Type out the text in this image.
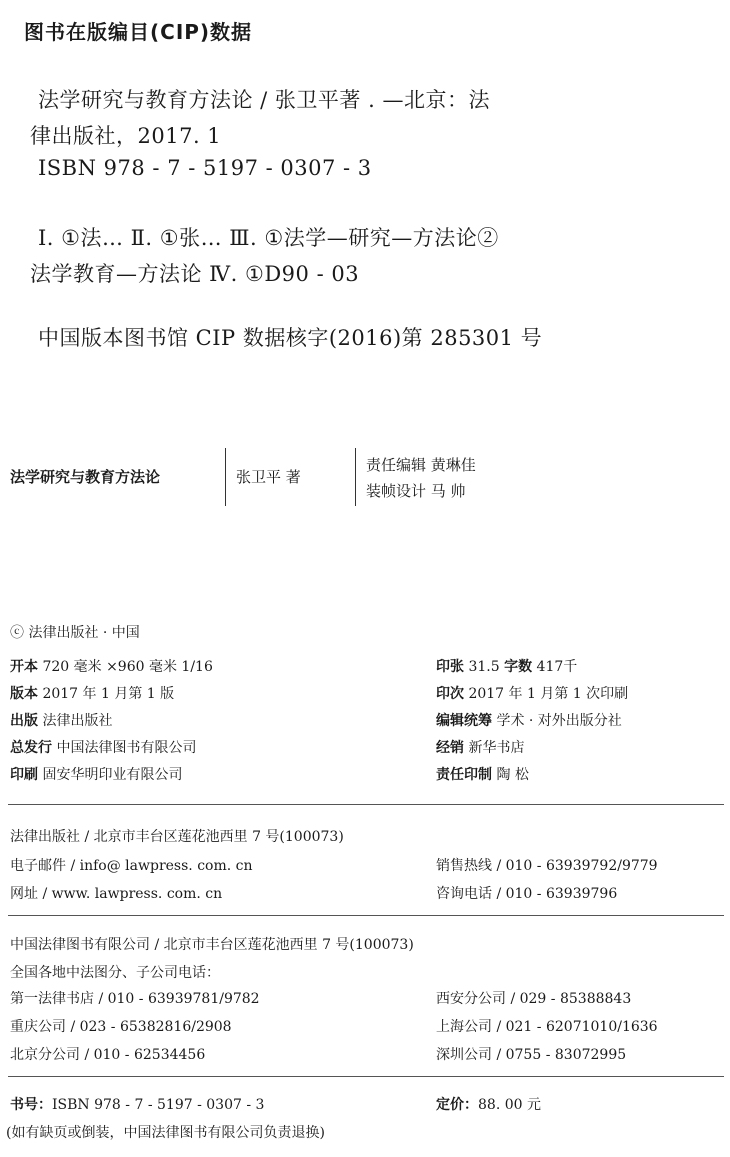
图书在版编目(CIP)数据
法学研究与教育方法论 / 张卫平著 . —北京：法
律出版社，2017. 1
ISBN 978 - 7 - 5197 - 0307 - 3
Ⅰ. ①法… Ⅱ. ①张… Ⅲ. ①法学—研究—方法论②
法学教育—方法论 Ⅳ. ①D90 - 03
中国版本图书馆 CIP 数据核字(2016)第 285301 号
法学研究与教育方法论	张卫平 著
责任编辑 黄琳佳
装帧设计 马 帅
ⓒ 法律出版社 · 中国
开本 720 毫米 ×960 毫米 1/16
版本 2017 年 1 月第 1 版
出版 法律出版社
总发行 中国法律图书有限公司
印刷 固安华明印业有限公司
印张 31.5 字数 417千
印次 2017 年 1 月第 1 次印刷
编辑统筹 学术 · 对外出版分社
经销 新华书店
责任印制 陶 松
法律出版社 / 北京市丰台区莲花池西里 7 号(100073)
电子邮件 / info@ lawpress. com. cn
网址 / www. lawpress. com. cn
销售热线 / 010 - 63939792/9779
咨询电话 / 010 - 63939796
中国法律图书有限公司 / 北京市丰台区莲花池西里 7 号(100073)
全国各地中法图分、子公司电话：
第一法律书店 / 010 - 63939781/9782
重庆公司 / 023 - 65382816/2908
北京分公司 / 010 - 62534456
西安分公司 / 029 - 85388843
上海公司 / 021 - 62071010/1636
深圳公司 / 0755 - 83072995
书号：ISBN 978 - 7 - 5197 - 0307 - 3	定价：88. 00 元
(如有缺页或倒装，中国法律图书有限公司负责退换)
